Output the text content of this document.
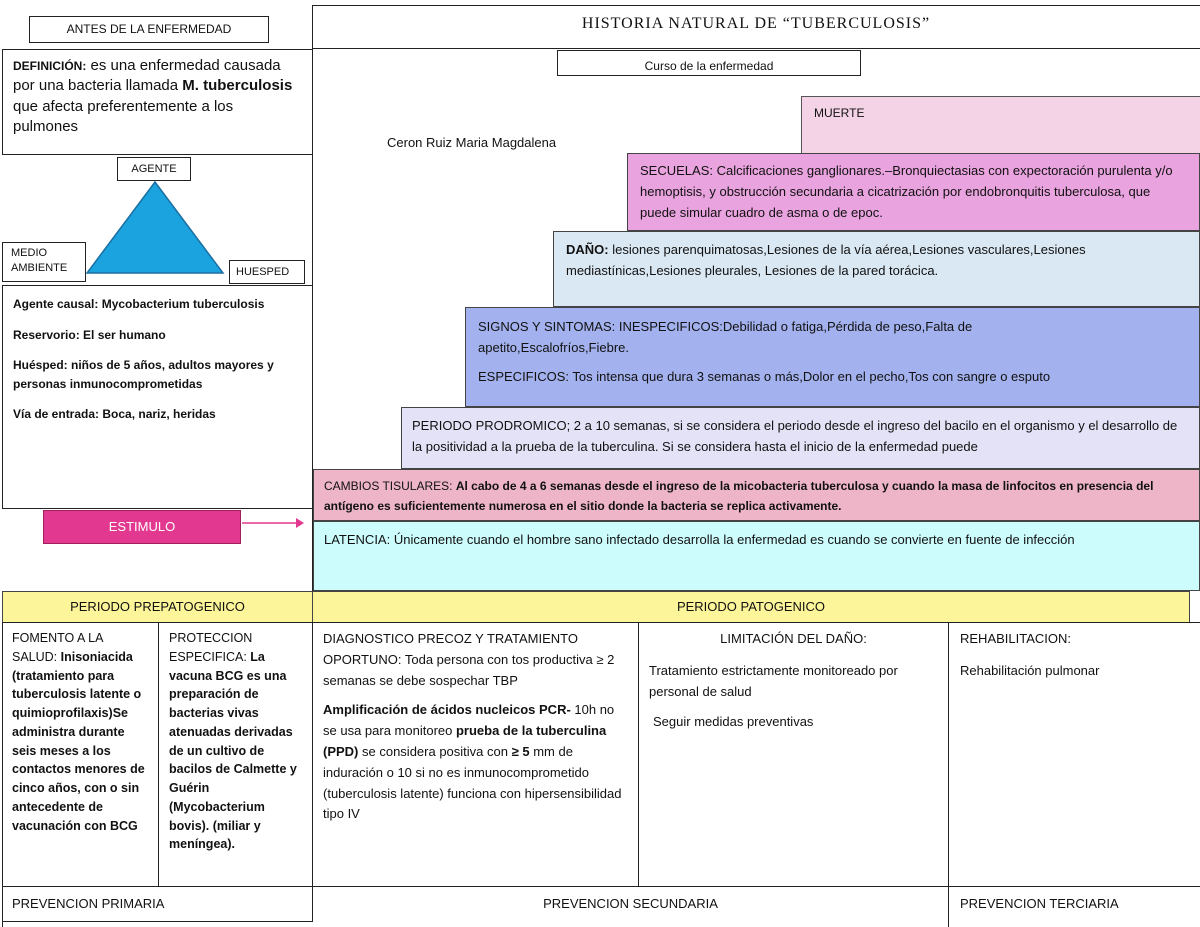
ANTES DE LA ENFERMEDAD
DEFINICIÓN: es una enfermedad causada por una bacteria llamada M. tuberculosis que afecta preferentemente a los pulmones
AGENTE
MEDIO
AMBIENTE	HUESPED
Agente causal: Mycobacterium tuberculosis
Reservorio: El ser humano
Huésped: niños de 5 años, adultos mayores y personas inmunocomprometidas
Vía de entrada: Boca, nariz, heridas
ESTIMULO
HISTORIA NATURAL DE “TUBERCULOSIS”
Curso de la enfermedad
Ceron Ruiz Maria Magdalena
MUERTE
SECUELAS: Calcificaciones ganglionares.–Bronquiectasias con expectoración purulenta y/o hemoptisis, y obstrucción secundaria a cicatrización por endobronquitis tuberculosa, que puede simular cuadro de asma o de epoc.
DAÑO: lesiones parenquimatosas,Lesiones de la vía aérea,Lesiones vasculares,Lesiones mediastínicas,Lesiones pleurales, Lesiones de la pared torácica.
SIGNOS Y SINTOMAS: INESPECIFICOS:Debilidad o fatiga,Pérdida de peso,Falta de apetito,Escalofríos,Fiebre.
ESPECIFICOS: Tos intensa que dura 3 semanas o más,Dolor en el pecho,Tos con sangre o esputo
PERIODO PRODROMICO; 2 a 10 semanas, si se considera el periodo desde el ingreso del bacilo en el organismo y el desarrollo de la positividad a la prueba de la tuberculina. Si se considera hasta el inicio de la enfermedad puede
CAMBIOS TISULARES: Al cabo de 4 a 6 semanas desde el ingreso de la micobacteria tuberculosa y cuando la masa de linfocitos en presencia del antígeno es suficientemente numerosa en el sitio donde la bacteria se replica activamente.
LATENCIA: Únicamente cuando el hombre sano infectado desarrolla la enfermedad es cuando se convierte en fuente de infección
PERIODO PREPATOGENICO	PERIODO PATOGENICO
FOMENTO A LA SALUD: Inisoniacida (tratamiento para tuberculosis latente o quimioprofilaxis)Se administra durante seis meses a los contactos menores de cinco años, con o sin antecedente de vacunación con BCG
PROTECCION ESPECIFICA: La vacuna BCG es una preparación de bacterias vivas atenuadas derivadas de un cultivo de bacilos de Calmette y Guérin (Mycobacterium bovis). (miliar y meníngea).
DIAGNOSTICO PRECOZ Y TRATAMIENTO OPORTUNO: Toda persona con tos productiva ≥ 2 semanas se debe sospechar TBP
Amplificación de ácidos nucleicos PCR- 10h no se usa para monitoreo prueba de la tuberculina (PPD) se considera positiva con ≥ 5 mm de induración o 10 si no es inmunocomprometido (tuberculosis latente) funciona con hipersensibilidad tipo IV
LIMITACIÓN DEL DAÑO:
Tratamiento estrictamente monitoreado por personal de salud
Seguir medidas preventivas
REHABILITACION:
Rehabilitación pulmonar
PREVENCION PRIMARIA	PREVENCION SECUNDARIA	PREVENCION TERCIARIA
